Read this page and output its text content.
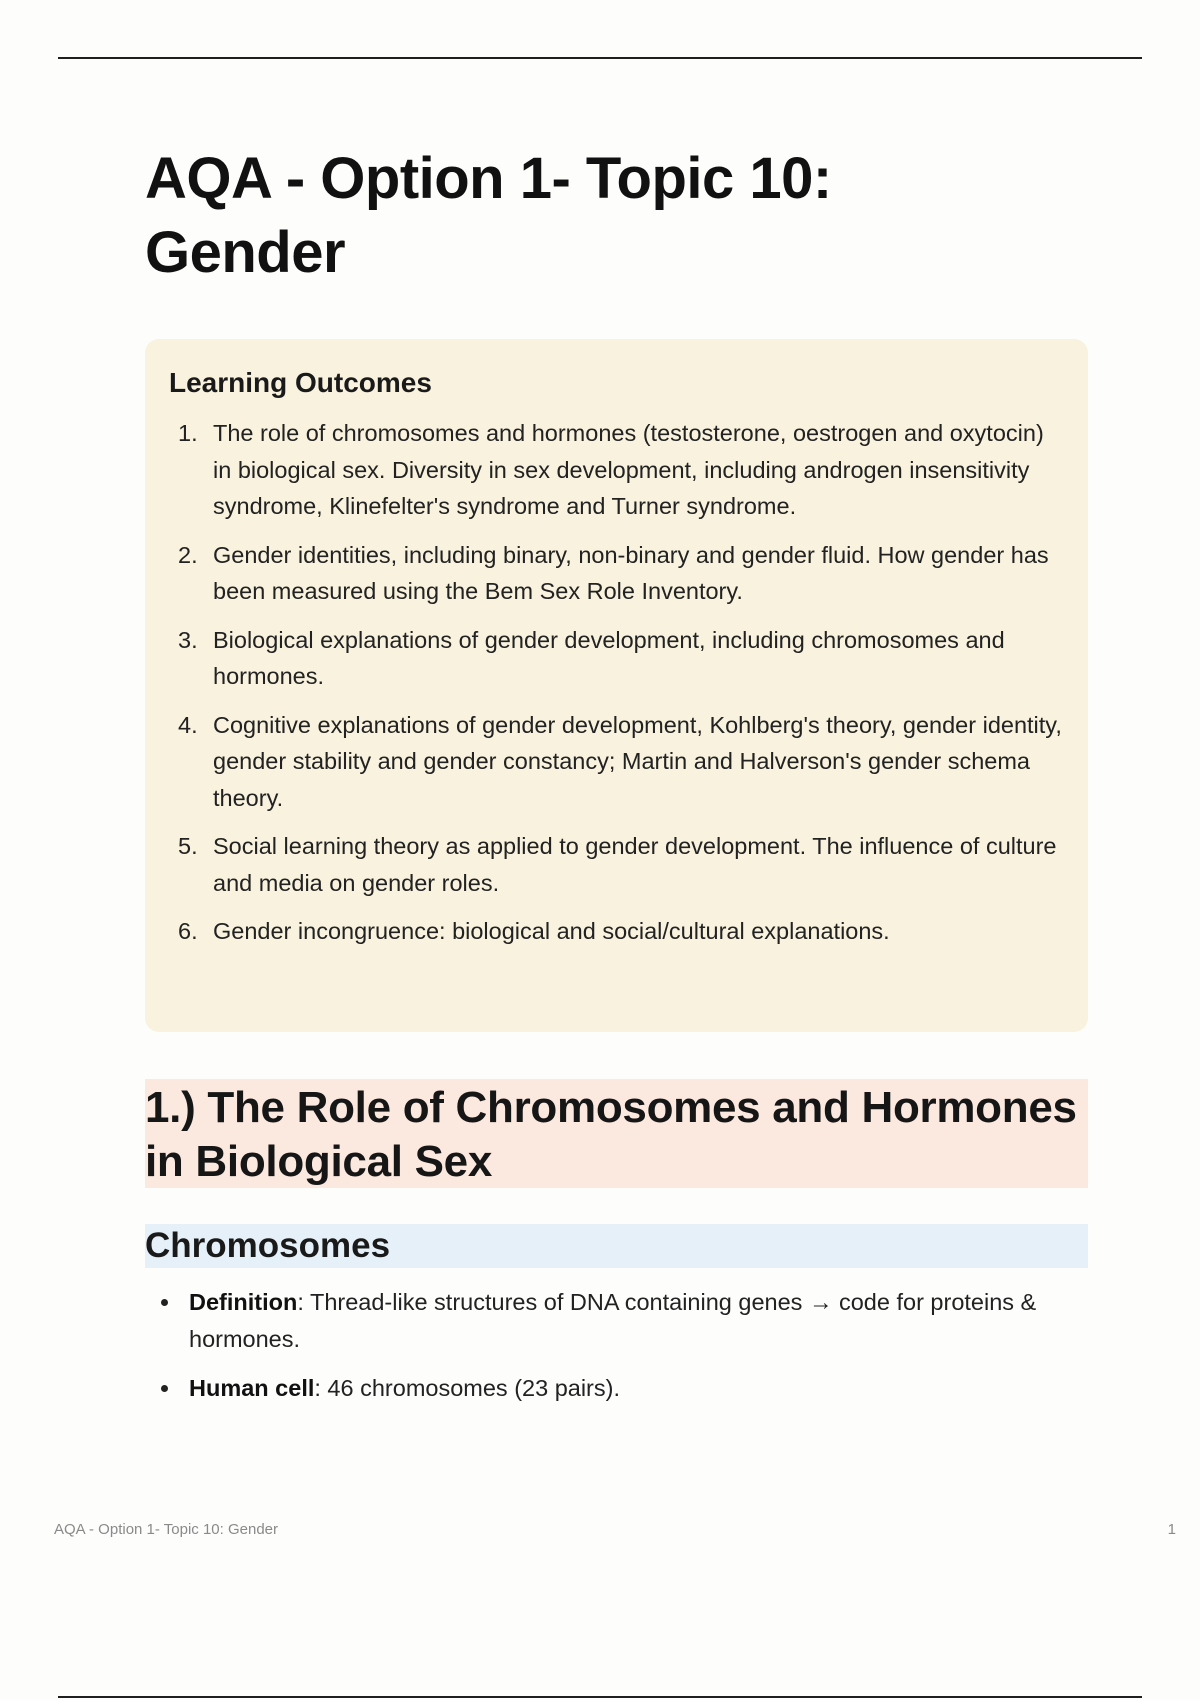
AQA - Option 1- Topic 10: Gender
Learning Outcomes
1. The role of chromosomes and hormones (testosterone, oestrogen and oxytocin) in biological sex. Diversity in sex development, including androgen insensitivity syndrome, Klinefelter's syndrome and Turner syndrome.
2. Gender identities, including binary, non-binary and gender fluid. How gender has been measured using the Bem Sex Role Inventory.
3. Biological explanations of gender development, including chromosomes and hormones.
4. Cognitive explanations of gender development, Kohlberg's theory, gender identity, gender stability and gender constancy; Martin and Halverson's gender schema theory.
5. Social learning theory as applied to gender development. The influence of culture and media on gender roles.
6. Gender incongruence: biological and social/cultural explanations.
1.) The Role of Chromosomes and Hormones in Biological Sex
Chromosomes
Definition: Thread-like structures of DNA containing genes → code for proteins & hormones.
Human cell: 46 chromosomes (23 pairs).
AQA - Option 1- Topic 10: Gender	1
